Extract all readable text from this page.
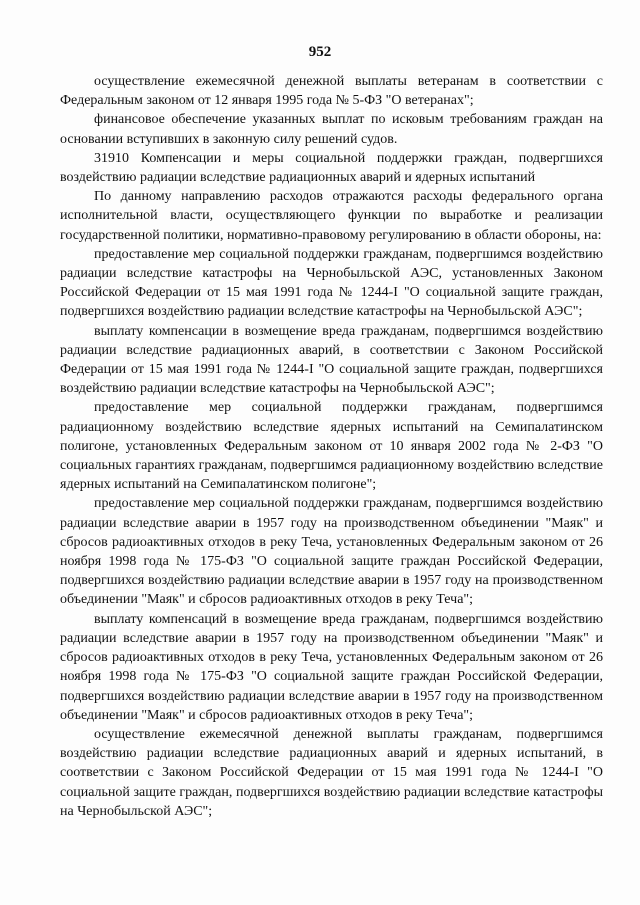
952

осуществление ежемесячной денежной выплаты ветеранам в соответствии с Федеральным законом от 12 января 1995 года № 5-ФЗ "О ветеранах";

финансовое обеспечение указанных выплат по исковым требованиям граждан на основании вступивших в законную силу решений судов.

31910 Компенсации и меры социальной поддержки граждан, подвергшихся воздействию радиации вследствие радиационных аварий и ядерных испытаний

По данному направлению расходов отражаются расходы федерального органа исполнительной власти, осуществляющего функции по выработке и реализации государственной политики, нормативно-правовому регулированию в области обороны, на:

предоставление мер социальной поддержки гражданам, подвергшимся воздействию радиации вследствие катастрофы на Чернобыльской АЭС, установленных Законом Российской Федерации от 15 мая 1991 года № 1244-I "О социальной защите граждан, подвергшихся воздействию радиации вследствие катастрофы на Чернобыльской АЭС";

выплату компенсации в возмещение вреда гражданам, подвергшимся воздействию радиации вследствие радиационных аварий, в соответствии с Законом Российской Федерации от 15 мая 1991 года № 1244-I "О социальной защите граждан, подвергшихся воздействию радиации вследствие катастрофы на Чернобыльской АЭС";

предоставление мер социальной поддержки гражданам, подвергшимся радиационному воздействию вследствие ядерных испытаний на Семипалатинском полигоне, установленных Федеральным законом от 10 января 2002 года № 2-ФЗ "О социальных гарантиях гражданам, подвергшимся радиационному воздействию вследствие ядерных испытаний на Семипалатинском полигоне";

предоставление мер социальной поддержки гражданам, подвергшимся воздействию радиации вследствие аварии в 1957 году на производственном объединении "Маяк" и сбросов радиоактивных отходов в реку Теча, установленных Федеральным законом от 26 ноября 1998 года № 175-ФЗ "О социальной защите граждан Российской Федерации, подвергшихся воздействию радиации вследствие аварии в 1957 году на производственном объединении "Маяк" и сбросов радиоактивных отходов в реку Теча";

выплату компенсаций в возмещение вреда гражданам, подвергшимся воздействию радиации вследствие аварии в 1957 году на производственном объединении "Маяк" и сбросов радиоактивных отходов в реку Теча, установленных Федеральным законом от 26 ноября 1998 года № 175-ФЗ "О социальной защите граждан Российской Федерации, подвергшихся воздействию радиации вследствие аварии в 1957 году на производственном объединении "Маяк" и сбросов радиоактивных отходов в реку Теча";

осуществление ежемесячной денежной выплаты гражданам, подвергшимся воздействию радиации вследствие радиационных аварий и ядерных испытаний, в соответствии с Законом Российской Федерации от 15 мая 1991 года № 1244-I "О социальной защите граждан, подвергшихся воздействию радиации вследствие катастрофы на Чернобыльской АЭС";
